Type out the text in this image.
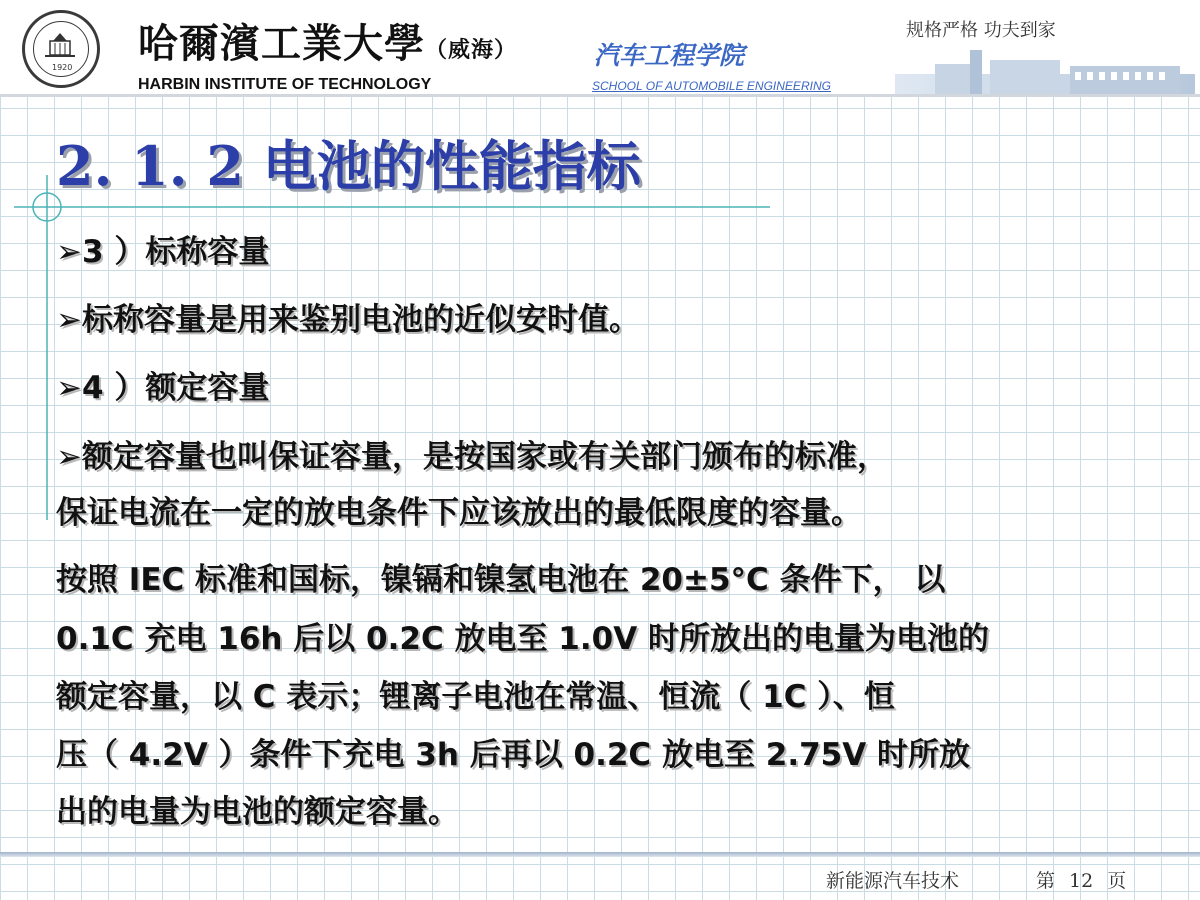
1920
哈爾濱工業大學（威海）	汽车工程学院
HARBIN INSTITUTE OF TECHNOLOGY	SCHOOL OF AUTOMOBILE ENGINEERING
规格严格 功夫到家
2. 1. 2 电池的性能指标
➢3 ）标称容量
➢标称容量是用来鉴别电池的近似安时值。
➢4 ）额定容量
➢额定容量也叫保证容量，是按国家或有关部门颁布的标准，
保证电流在一定的放电条件下应该放出的最低限度的容量。
按照 IEC 标准和国标，镍镉和镍氢电池在 20±5°C 条件下， 以
0.1C 充电 16h 后以 0.2C 放电至 1.0V 时所放出的电量为电池的
额定容量，以 C 表示；锂离子电池在常温、恒流（ 1C ）、恒
压（ 4.2V ）条件下充电 3h 后再以 0.2C 放电至 2.75V 时所放
出的电量为电池的额定容量。
新能源汽车技术	第 12 页
